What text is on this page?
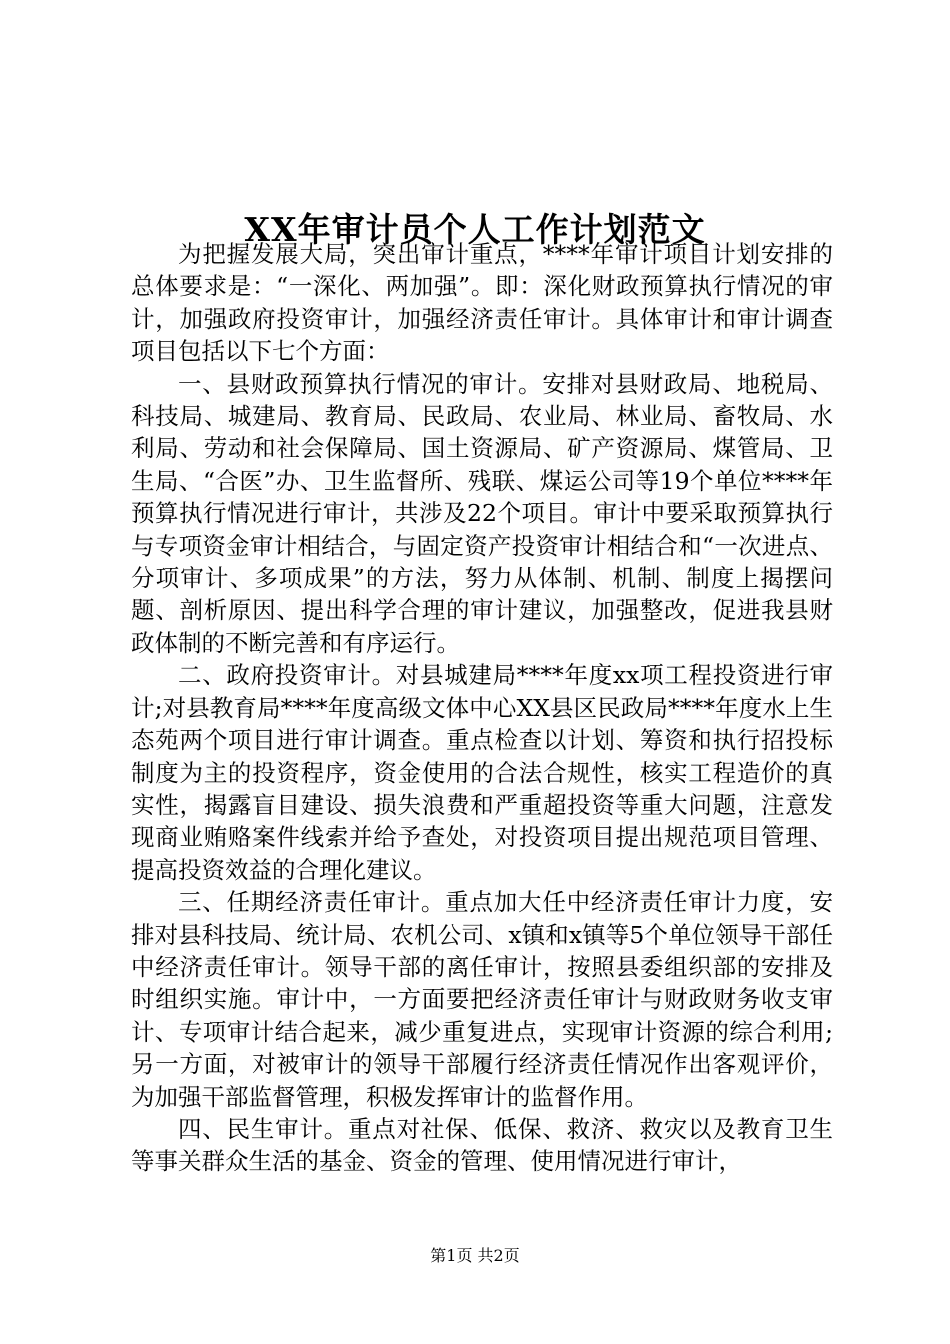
XX年审计员个人工作计划范文

为把握发展大局，突出审计重点，****年审计项目计划安排的总体要求是：“一深化、两加强”。即：深化财政预算执行情况的审计，加强政府投资审计，加强经济责任审计。具体审计和审计调查项目包括以下七个方面：

一、县财政预算执行情况的审计。安排对县财政局、地税局、科技局、城建局、教育局、民政局、农业局、林业局、畜牧局、水利局、劳动和社会保障局、国土资源局、矿产资源局、煤管局、卫生局、“合医”办、卫生监督所、残联、煤运公司等19个单位****年预算执行情况进行审计，共涉及22个项目。审计中要采取预算执行与专项资金审计相结合，与固定资产投资审计相结合和“一次进点、分项审计、多项成果”的方法，努力从体制、机制、制度上揭摆问题、剖析原因、提出科学合理的审计建议，加强整改，促进我县财政体制的不断完善和有序运行。

二、政府投资审计。对县城建局****年度xx项工程投资进行审计;对县教育局****年度高级文体中心XX县区民政局****年度水上生态苑两个项目进行审计调查。重点检查以计划、筹资和执行招投标制度为主的投资程序，资金使用的合法合规性，核实工程造价的真实性，揭露盲目建设、损失浪费和严重超投资等重大问题，注意发现商业贿赂案件线索并给予查处，对投资项目提出规范项目管理、提高投资效益的合理化建议。

三、任期经济责任审计。重点加大任中经济责任审计力度，安排对县科技局、统计局、农机公司、x镇和x镇等5个单位领导干部任中经济责任审计。领导干部的离任审计，按照县委组织部的安排及时组织实施。审计中，一方面要把经济责任审计与财政财务收支审计、专项审计结合起来，减少重复进点，实现审计资源的综合利用;另一方面，对被审计的领导干部履行经济责任情况作出客观评价，为加强干部监督管理，积极发挥审计的监督作用。

四、民生审计。重点对社保、低保、救济、救灾以及教育卫生等事关群众生活的基金、资金的管理、使用情况进行审计，

第1页 共2页
